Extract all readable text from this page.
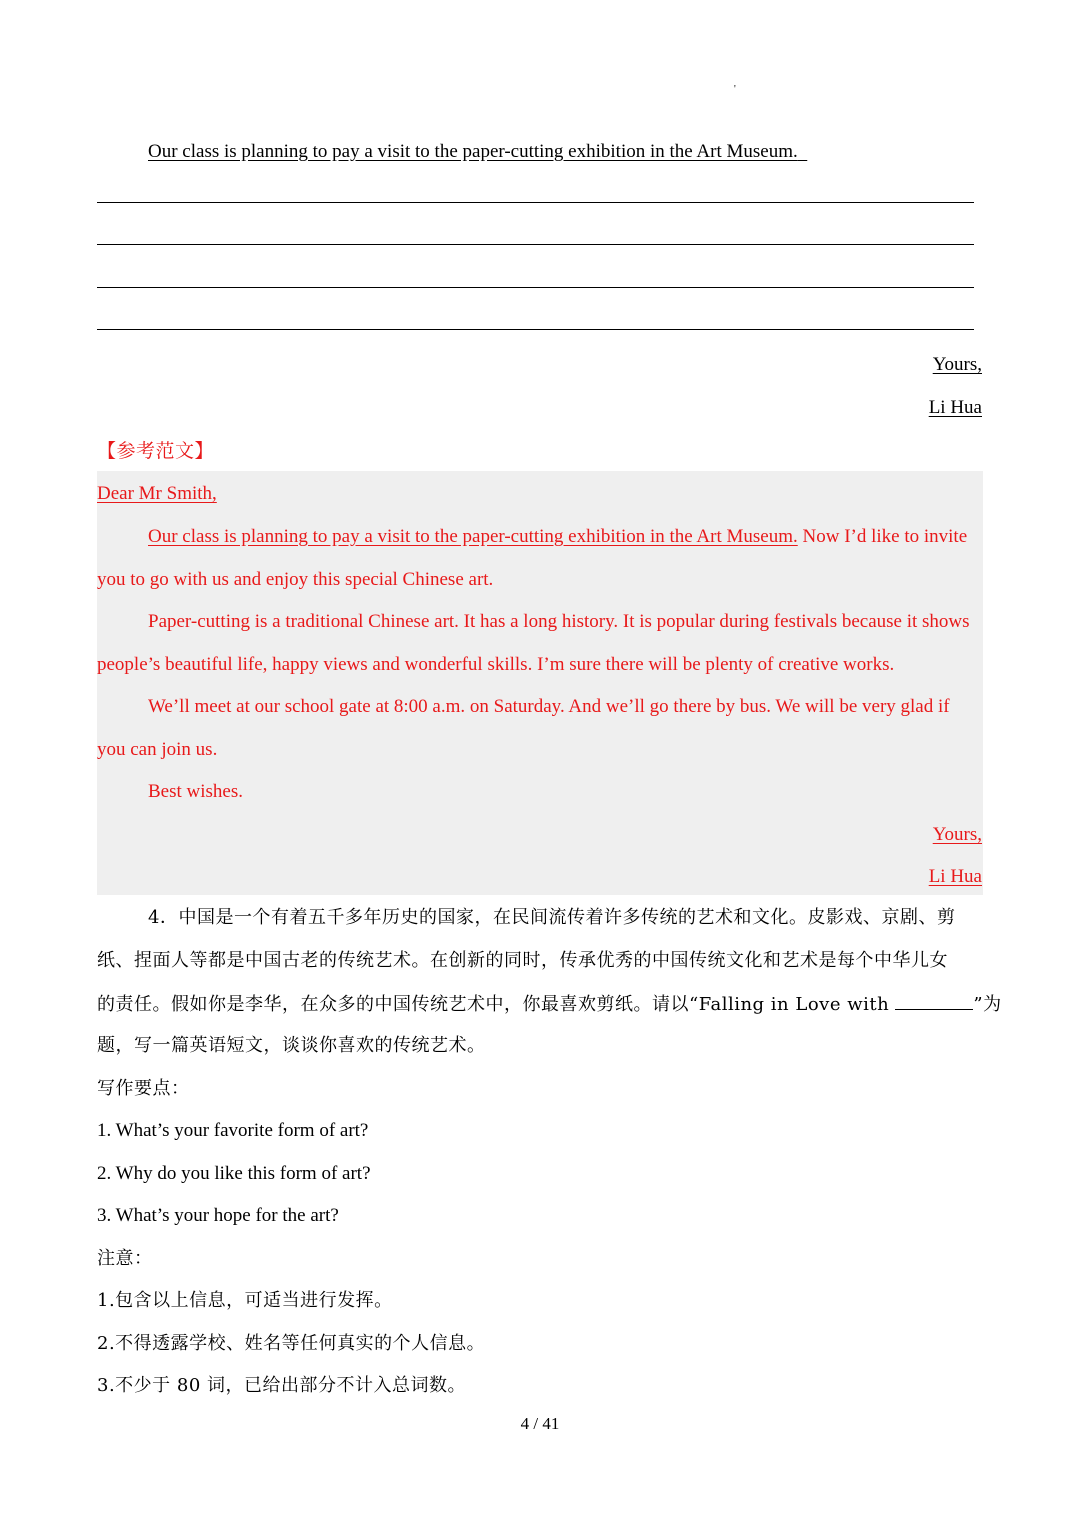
'
Our class is planning to pay a visit to the paper-cutting exhibition in the Art Museum.
Yours,
Li Hua
【参考范文】
Dear Mr Smith,
Our class is planning to pay a visit to the paper-cutting exhibition in the Art Museum. Now I’d like to invite
you to go with us and enjoy this special Chinese art.
Paper-cutting is a traditional Chinese art. It has a long history. It is popular during festivals because it shows
people’s beautiful life, happy views and wonderful skills. I’m sure there will be plenty of creative works.
We’ll meet at our school gate at 8:00 a.m. on Saturday. And we’ll go there by bus. We will be very glad if
you can join us.
Best wishes.
Yours,
Li Hua
4．中国是一个有着五千多年历史的国家，在民间流传着许多传统的艺术和文化。皮影戏、京剧、剪
纸、捏面人等都是中国古老的传统艺术。在创新的同时，传承优秀的中国传统文化和艺术是每个中华儿女
的责任。假如你是李华，在众多的中国传统艺术中，你最喜欢剪纸。请以“Falling in Love with	”为
题，写一篇英语短文，谈谈你喜欢的传统艺术。
写作要点：
1. What’s your favorite form of art?
2. Why do you like this form of art?
3. What’s your hope for the art?
注意：
1.包含以上信息，可适当进行发挥。
2.不得透露学校、姓名等任何真实的个人信息。
3.不少于 80 词，已给出部分不计入总词数。
4 / 41
